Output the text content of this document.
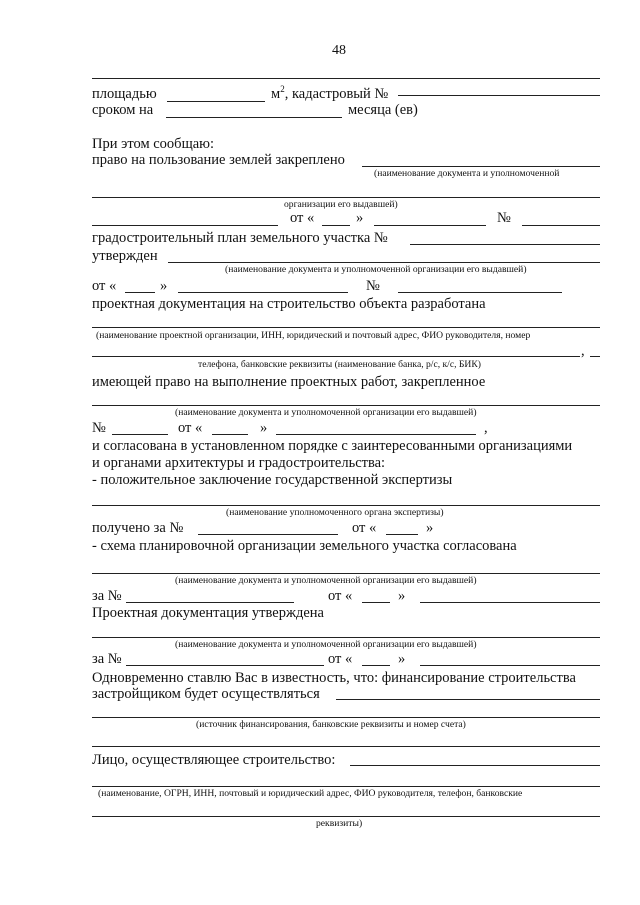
48
площадью	$м^2$, кадастровый №
сроком на	месяца (ев)
При этом сообщаю:
право на пользование землей закреплено
(наименование документа и уполномоченной
организации его выдавшей)
от «	»	№
градостроительный план земельного участка №
утвержден
(наименование документа и уполномоченной организации его выдавшей)
от «	»	№
проектная документация на строительство объекта разработана
(наименование проектной организации, ИНН, юридический и почтовый адрес, ФИО руководителя, номер
,
телефона, банковские реквизиты (наименование банка, р/с, к/с, БИК)
имеющей право на выполнение проектных работ, закрепленное
(наименование документа и уполномоченной организации его выдавшей)
№	от «	»	,
и согласована в установленном порядке с заинтересованными организациями
и органами архитектуры и градостроительства:
- положительное заключение государственной экспертизы
(наименование уполномоченного органа экспертизы)
получено за №	от «	»
- схема планировочной организации земельного участка согласована
(наименование документа и уполномоченной организации его выдавшей)
за №	от «	»
Проектная документация утверждена
(наименование документа и уполномоченной организации его выдавшей)
за №	от «	»
Одновременно ставлю Вас в известность, что: финансирование строительства
застройщиком будет осуществляться
(источник финансирования, банковские реквизиты и номер счета)
Лицо, осуществляющее строительство:
(наименование, ОГРН, ИНН, почтовый и юридический адрес, ФИО руководителя, телефон, банковские
реквизиты)
